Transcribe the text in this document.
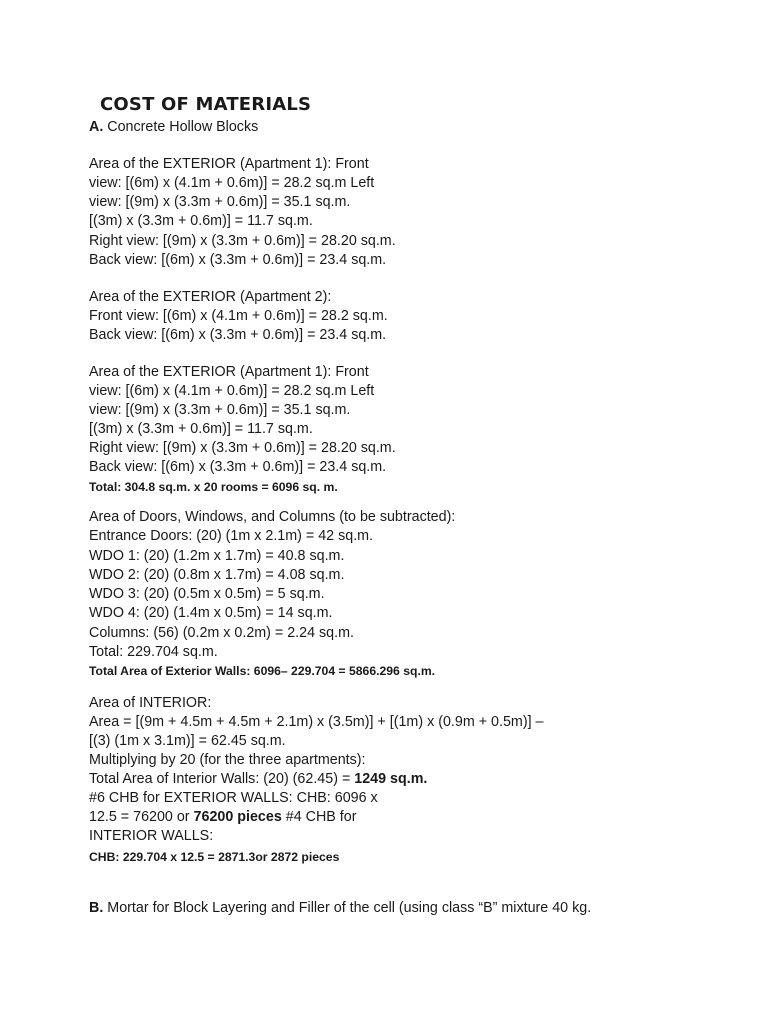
COST OF MATERIALS
A. Concrete Hollow Blocks
Area of the EXTERIOR (Apartment 1): Front
view: [(6m) x (4.1m + 0.6m)] = 28.2 sq.m Left
view: [(9m) x (3.3m + 0.6m)] = 35.1 sq.m.
[(3m) x (3.3m + 0.6m)] = 11.7 sq.m.
Right view: [(9m) x (3.3m + 0.6m)] = 28.20 sq.m.
Back view: [(6m) x (3.3m + 0.6m)] = 23.4 sq.m.
Area of the EXTERIOR (Apartment 2):
Front view: [(6m) x (4.1m + 0.6m)] = 28.2 sq.m.
Back view: [(6m) x (3.3m + 0.6m)] = 23.4 sq.m.
Area of the EXTERIOR (Apartment 1): Front
view: [(6m) x (4.1m + 0.6m)] = 28.2 sq.m Left
view: [(9m) x (3.3m + 0.6m)] = 35.1 sq.m.
[(3m) x (3.3m + 0.6m)] = 11.7 sq.m.
Right view: [(9m) x (3.3m + 0.6m)] = 28.20 sq.m.
Back view: [(6m) x (3.3m + 0.6m)] = 23.4 sq.m.
Total: 304.8 sq.m. x 20 rooms = 6096 sq. m.
Area of Doors, Windows, and Columns (to be subtracted):
Entrance Doors: (20) (1m x 2.1m) = 42 sq.m.
WDO 1: (20) (1.2m x 1.7m) = 40.8 sq.m.
WDO 2: (20) (0.8m x 1.7m) = 4.08 sq.m.
WDO 3: (20) (0.5m x 0.5m) = 5 sq.m.
WDO 4: (20) (1.4m x 0.5m) = 14 sq.m.
Columns: (56) (0.2m x 0.2m) = 2.24 sq.m.
Total: 229.704 sq.m.
Total Area of Exterior Walls: 6096– 229.704 = 5866.296 sq.m.
Area of INTERIOR:
Area = [(9m + 4.5m + 4.5m + 2.1m) x (3.5m)] + [(1m) x (0.9m + 0.5m)] –
[(3) (1m x 3.1m)] = 62.45 sq.m.
Multiplying by 20 (for the three apartments):
Total Area of Interior Walls: (20) (62.45) = 1249 sq.m.
#6 CHB for EXTERIOR WALLS: CHB: 6096 x
12.5 = 76200 or 76200 pieces #4 CHB for
INTERIOR WALLS:
CHB: 229.704 x 12.5 = 2871.3or 2872 pieces
B. Mortar for Block Layering and Filler of the cell (using class “B” mixture 40 kg.
